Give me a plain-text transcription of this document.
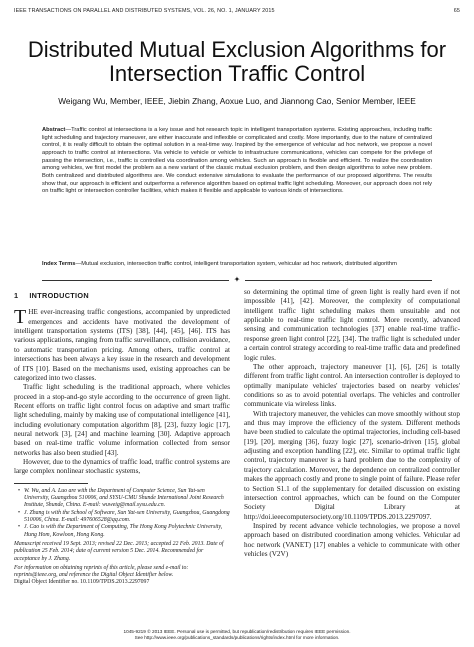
IEEE TRANSACTIONS ON PARALLEL AND DISTRIBUTED SYSTEMS, VOL. 26, NO. 1, JANUARY 2015	65
Distributed Mutual Exclusion Algorithms for Intersection Traffic Control
Weigang Wu, Member, IEEE, Jiebin Zhang, Aoxue Luo, and Jiannong Cao, Senior Member, IEEE
Abstract—Traffic control at intersections is a key issue and hot research topic in intelligent transportation systems. Existing approaches, including traffic light scheduling and trajectory maneuver, are either inaccurate and inflexible or complicated and costly. More importantly, due to the nature of centralized control, it is really difficult to obtain the optimal solution in a real-time way. Inspired by the emergence of vehicular ad hoc network, we propose a novel approach to traffic control at intersections. Via vehicle to vehicle or vehicle to infrastructure communications, vehicles can compete for the privilege of passing the intersection, i.e., traffic is controlled via coordination among vehicles. Such an approach is flexible and efficient. To realize the coordination among vehicles, we first model the problem as a new variant of the classic mutual exclusion problem, and then design algorithms to solve new problem. Both centralized and distributed algorithms are. We conduct extensive simulations to evaluate the performance of our proposed algorithms. The results show that, our approach is efficient and outperforms a reference algorithm based on optimal traffic light scheduling. Moreover, our approach does not rely on traffic light or intersection controller facilities, which makes it flexible and applicable to various kinds of intersections.
Index Terms—Mutual exclusion, intersection traffic control, intelligent transportation system, vehicular ad hoc network, distributed algorithm
✦
1 INTRODUCTION

THE ever-increasing traffic congestions, accompanied by unpredicted emergences and accidents have motivated the development of intelligent transportation systems (ITS) [38], [44], [45], [46]. ITS has various applications, ranging from traffic surveillance, collision avoidance, to automatic transportation pricing. Among others, traffic control at intersections has been always a key issue in the research and development of ITS [10]. Based on the mechanisms used, existing approaches can be categorized into two classes.

Traffic light scheduling is the traditional approach, where vehicles proceed in a stop-and-go style according to the occurrence of green light. Recent efforts on traffic light control focus on adaptive and smart traffic light scheduling, mainly by making use of computational intelligence [41], including evolutionary computation algorithm [8], [23], fuzzy logic [17], neural network [3], [24] and machine learning [30]. Adaptive approach based on real-time traffic volume information collected from sensor networks has also been studied [43].

However, due to the dynamics of traffic load, traffic control systems are large complex nonlinear stochastic systems,

• W. Wu, and A. Luo are with the Department of Computer Science, Sun Yat-sen University, Guangzhou 510006, and SYSU-CMU Shunde International Joint Research Institute, Shunde, China. E-mail: wuweig@mail.sysu.edu.cn.

• J. Zhang is with the School of Software, Sun Yat-sen University, Guangzhou, Guangdong 510006, China. E-mail: 497606528@qq.com.

• J. Cao is with the Department of Computing, The Hong Kong Polytechnic University, Hung Hom, Kowloon, Hong Kong.

Manuscript received 19 Sept. 2013; revised 22 Dec. 2013; accepted 22 Feb. 2013. Date of publication 25 Feb. 2014; date of current version 5 Dec. 2014. Recommended for acceptance by J. Zhang.

For information on obtaining reprints of this article, please send e-mail to: reprints@ieee.org, and reference the Digital Object Identifier below.
Digital Object Identifier no. 10.1109/TPDS.2013.2297097

so determining the optimal time of green light is really hard even if not impossible [41], [42]. Moreover, the complexity of computational intelligent traffic light scheduling makes them unsuitable and not applicable to real-time traffic light control. More recently, advanced sensing and communication technologies [37] enable real-time traffic-response green light control [22], [34]. The traffic light is scheduled under a certain control strategy according to real-time traffic data and predefined logic rules.

The other approach, trajectory maneuver [1], [6], [26] is totally different from traffic light control. An intersection controller is deployed to optimally manipulate vehicles' trajectories based on nearby vehicles' conditions so as to avoid potential overlaps. The vehicles and controller communicate via wireless links.

With trajectory maneuver, the vehicles can move smoothly without stop and thus may improve the efficiency of the system. Different methods have been studied to calculate the optimal trajectories, including cell-based [19], [20], merging [36], fuzzy logic [27], scenario-driven [15], global adjusting and exception handling [22], etc. Similar to optimal traffic light control, trajectory maneuver is a hard problem due to the complexity of trajectory calculation. Moreover, the dependence on centralized controller makes the approach costly and prone to single point of failure. Please refer to Section S1.1 of the supplementary for detailed discussion on existing intersection control approaches, which can be found on the Computer Society Digital Library at http://doi.ieeecomputersociety.org/10.1109/TPDS.2013.2297097.

Inspired by recent advance vehicle technologies, we propose a novel approach based on distributed coordination among vehicles. Vehicular ad hoc network (VANET) [17] enables a vehicle to communicate with other vehicles (V2V)

1045-9219 © 2013 IEEE. Personal use is permitted, but republication/redistribution requires IEEE permission.
See http://www.ieee.org/publications_standards/publications/rights/index.html for more information.
